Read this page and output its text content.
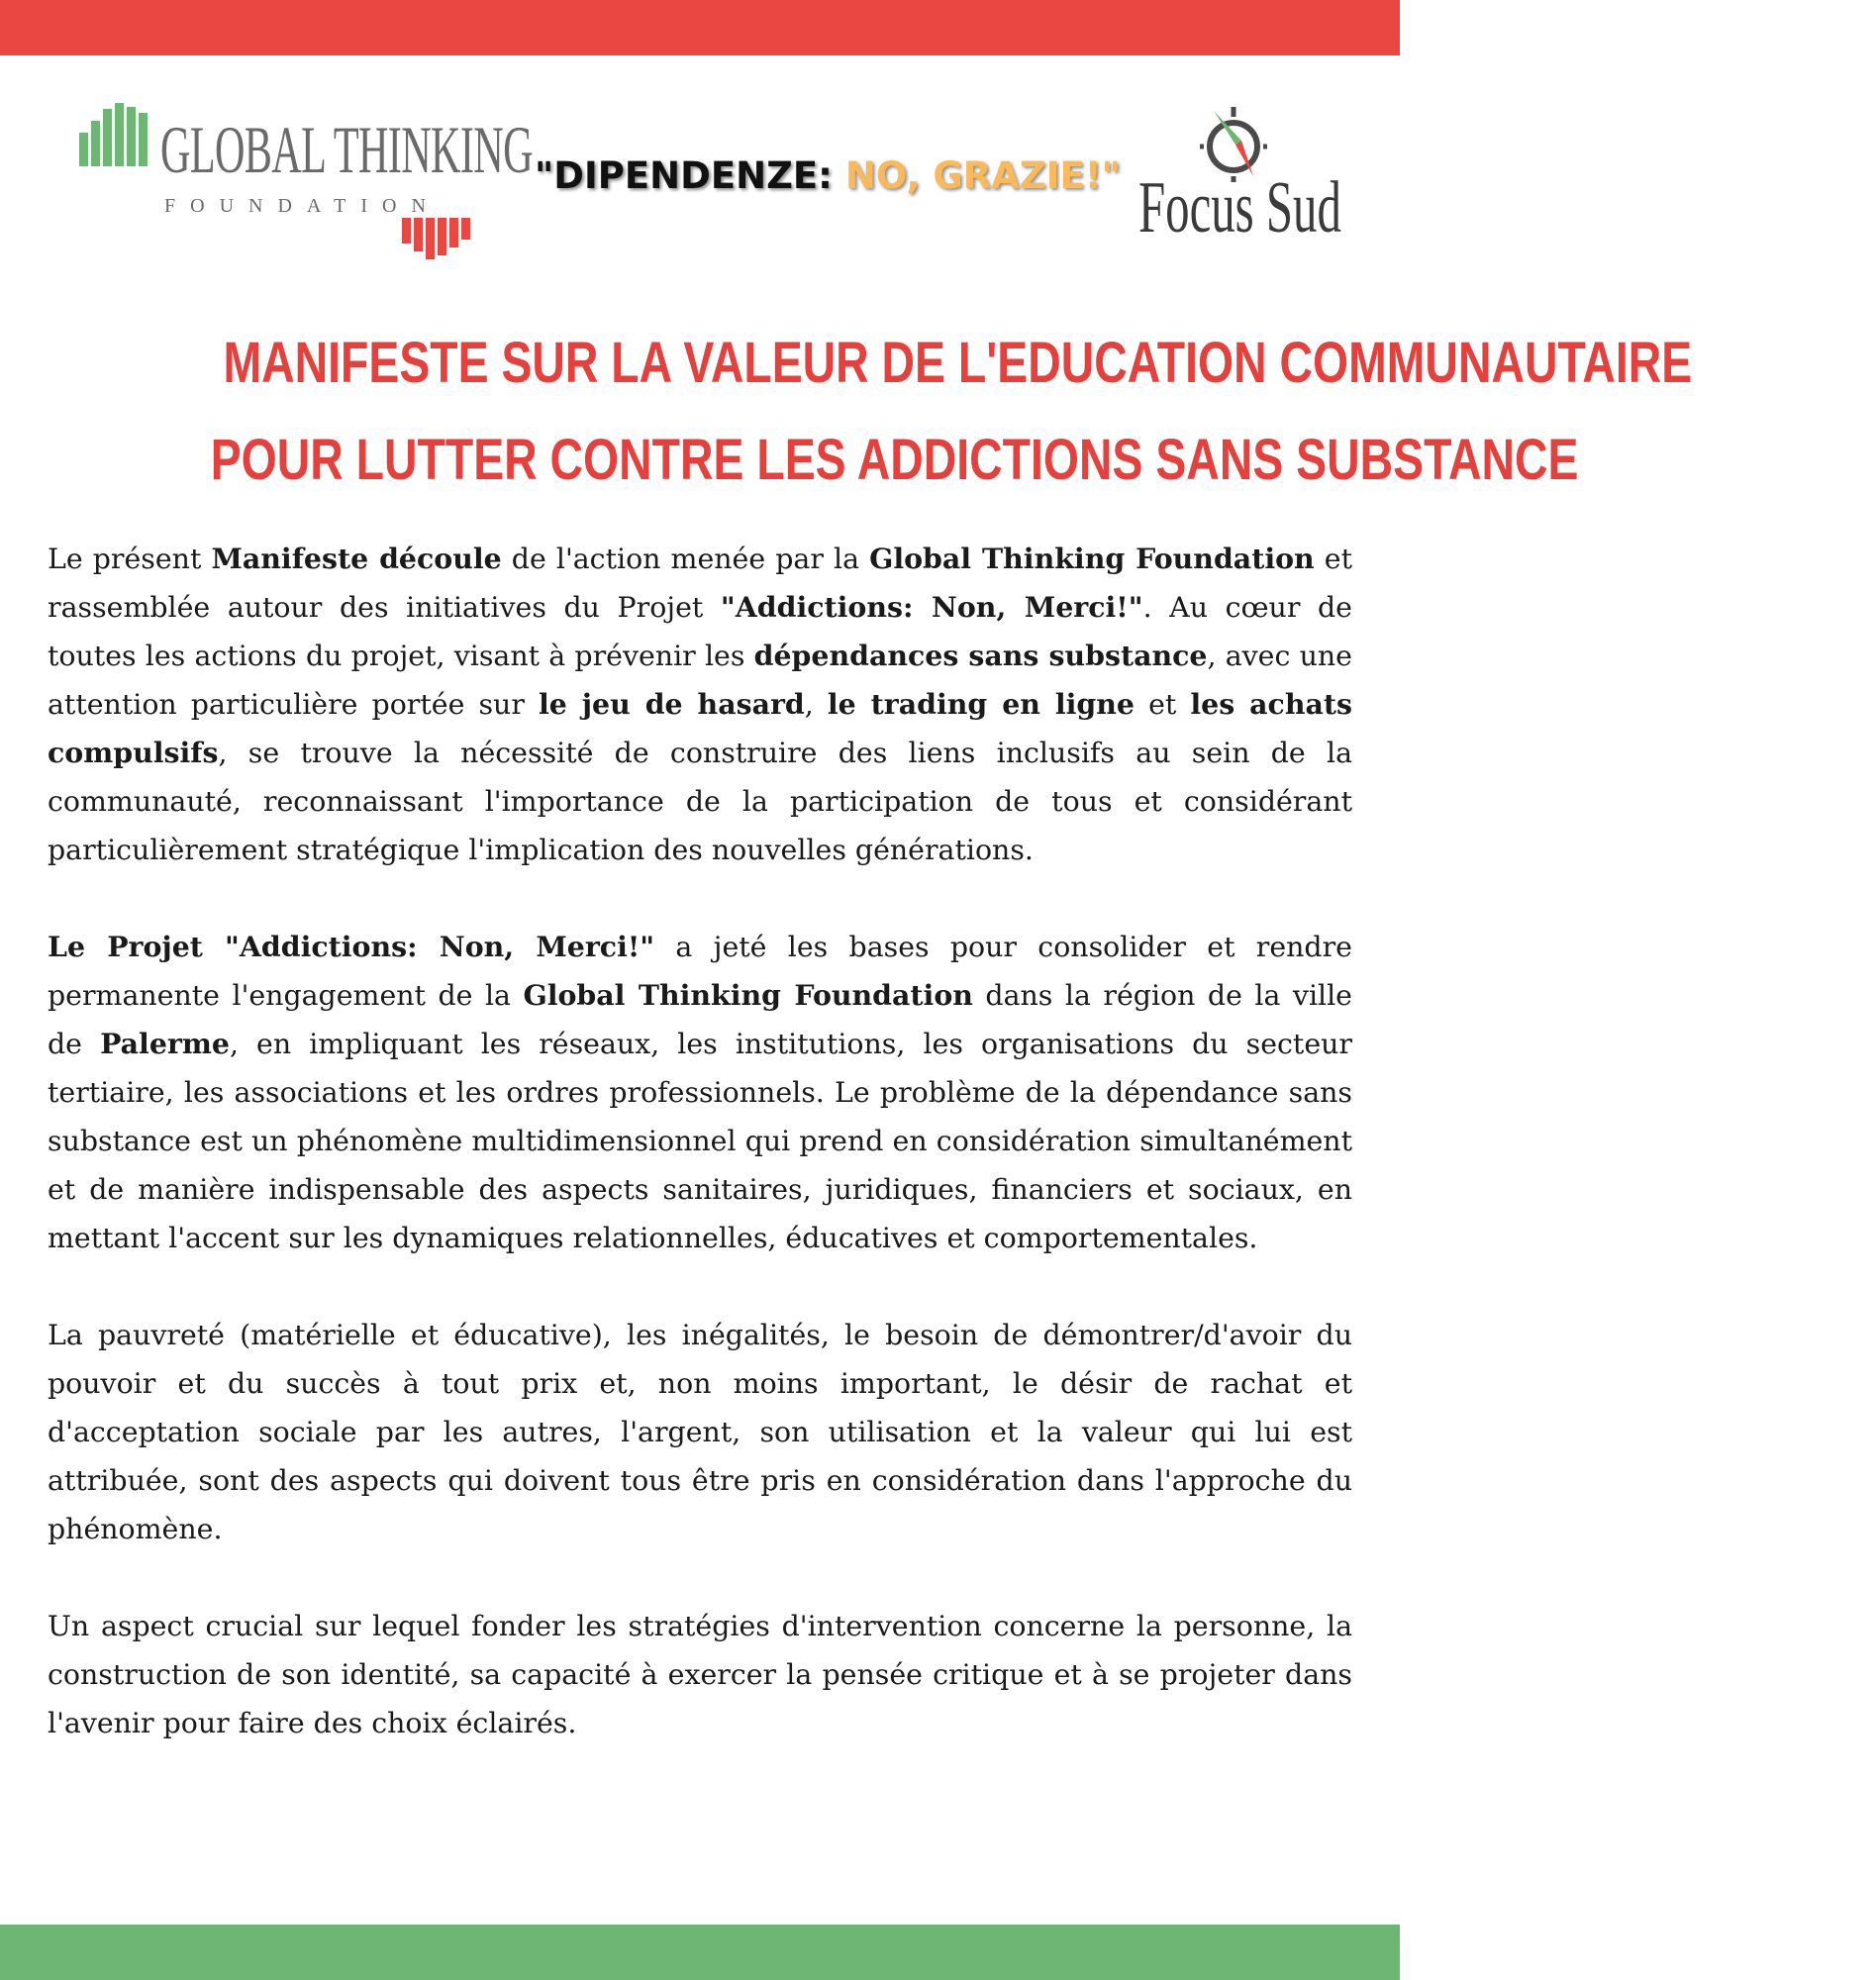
GLOBAL THINKING
FOUNDATION
"DIPENDENZE: NO, GRAZIE!" Focus Sud
MANIFESTE SUR LA VALEUR DE L'EDUCATION COMMUNAUTAIRE
POUR LUTTER CONTRE LES ADDICTIONS SANS SUBSTANCE

Le présent Manifeste découle de l'action menée par la Global Thinking Foundation et rassemblée autour des initiatives du Projet "Addictions: Non, Merci!". Au cœur de toutes les actions du projet, visant à prévenir les dépendances sans substance, avec une attention particulière portée sur le jeu de hasard, le trading en ligne et les achats compulsifs, se trouve la nécessité de construire des liens inclusifs au sein de la communauté, reconnaissant l'importance de la participation de tous et considérant particulièrement stratégique l'implication des nouvelles générations.

Le Projet "Addictions: Non, Merci!" a jeté les bases pour consolider et rendre permanente l'engagement de la Global Thinking Foundation dans la région de la ville de Palerme, en impliquant les réseaux, les institutions, les organisations du secteur tertiaire, les associations et les ordres professionnels. Le problème de la dépendance sans substance est un phénomène multidimensionnel qui prend en considération simultanément et de manière indispensable des aspects sanitaires, juridiques, financiers et sociaux, en mettant l'accent sur les dynamiques relationnelles, éducatives et comportementales.

La pauvreté (matérielle et éducative), les inégalités, le besoin de démontrer/d'avoir du pouvoir et du succès à tout prix et, non moins important, le désir de rachat et d'acceptation sociale par les autres, l'argent, son utilisation et la valeur qui lui est attribuée, sont des aspects qui doivent tous être pris en considération dans l'approche du phénomène.

Un aspect crucial sur lequel fonder les stratégies d'intervention concerne la personne, la construction de son identité, sa capacité à exercer la pensée critique et à se projeter dans l'avenir pour faire des choix éclairés.
